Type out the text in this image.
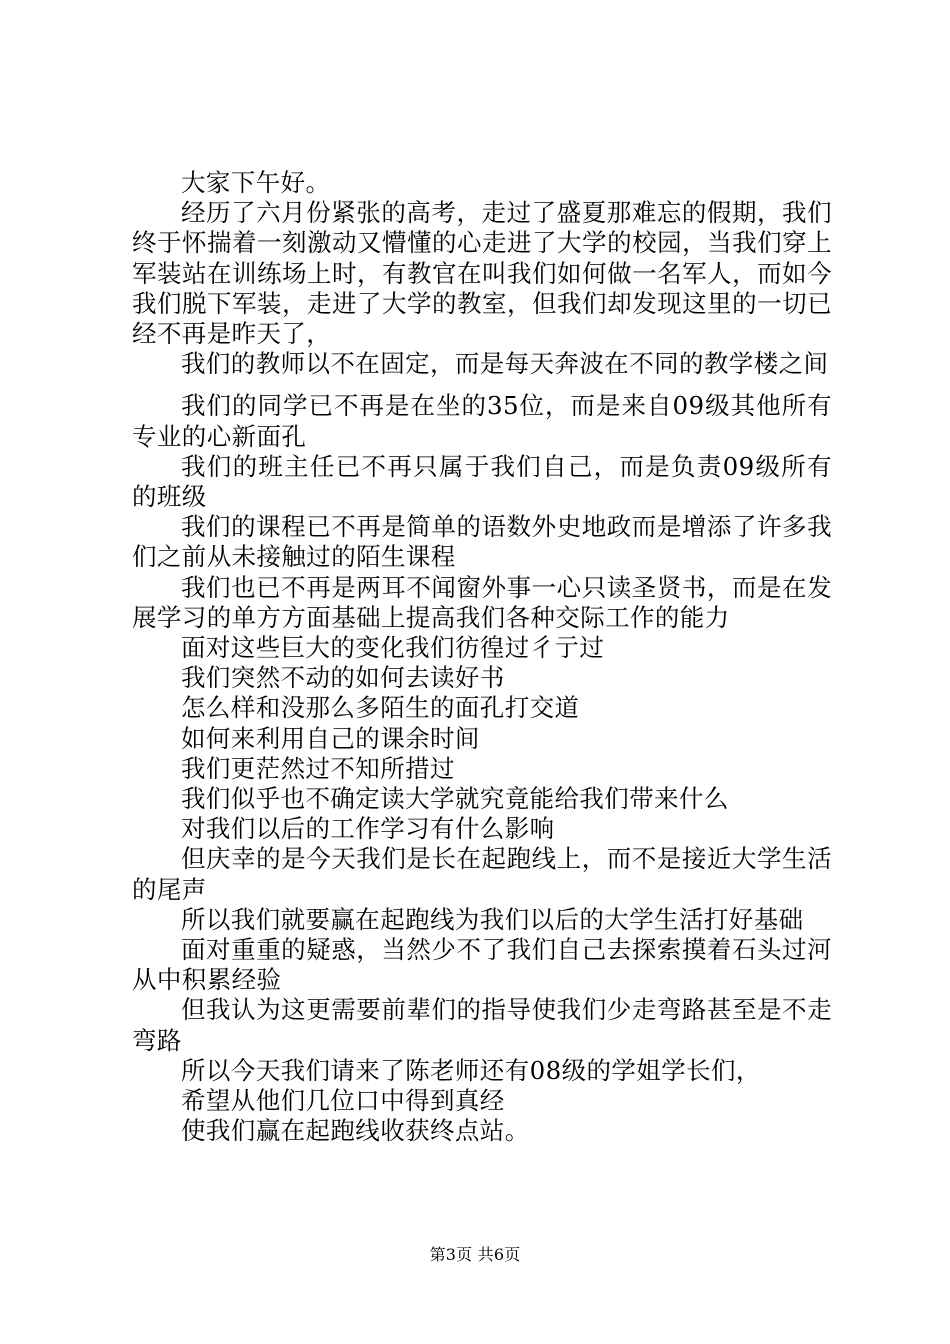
大家下午好。

经历了六月份紧张的高考，走过了盛夏那难忘的假期，我们终于怀揣着一刻激动又懵懂的心走进了大学的校园，当我们穿上军装站在训练场上时，有教官在叫我们如何做一名军人，而如今我们脱下军装，走进了大学的教室，但我们却发现这里的一切已经不再是昨天了，

我们的教师以不在固定，而是每天奔波在不同的教学楼之间

我们的同学已不再是在坐的35位，而是来自09级其他所有专业的心新面孔

我们的班主任已不再只属于我们自己，而是负责09级所有的班级

我们的课程已不再是简单的语数外史地政而是增添了许多我们之前从未接触过的陌生课程

我们也已不再是两耳不闻窗外事一心只读圣贤书，而是在发展学习的单方方面基础上提高我们各种交际工作的能力

面对这些巨大的变化我们彷徨过彳亍过

我们突然不动的如何去读好书

怎么样和没那么多陌生的面孔打交道

如何来利用自己的课余时间

我们更茫然过不知所措过

我们似乎也不确定读大学就究竟能给我们带来什么

对我们以后的工作学习有什么影响

但庆幸的是今天我们是长在起跑线上，而不是接近大学生活的尾声

所以我们就要赢在起跑线为我们以后的大学生活打好基础

面对重重的疑惑，当然少不了我们自己去探索摸着石头过河从中积累经验

但我认为这更需要前辈们的指导使我们少走弯路甚至是不走弯路

所以今天我们请来了陈老师还有08级的学姐学长们，

希望从他们几位口中得到真经

使我们赢在起跑线收获终点站。

第3页 共6页
